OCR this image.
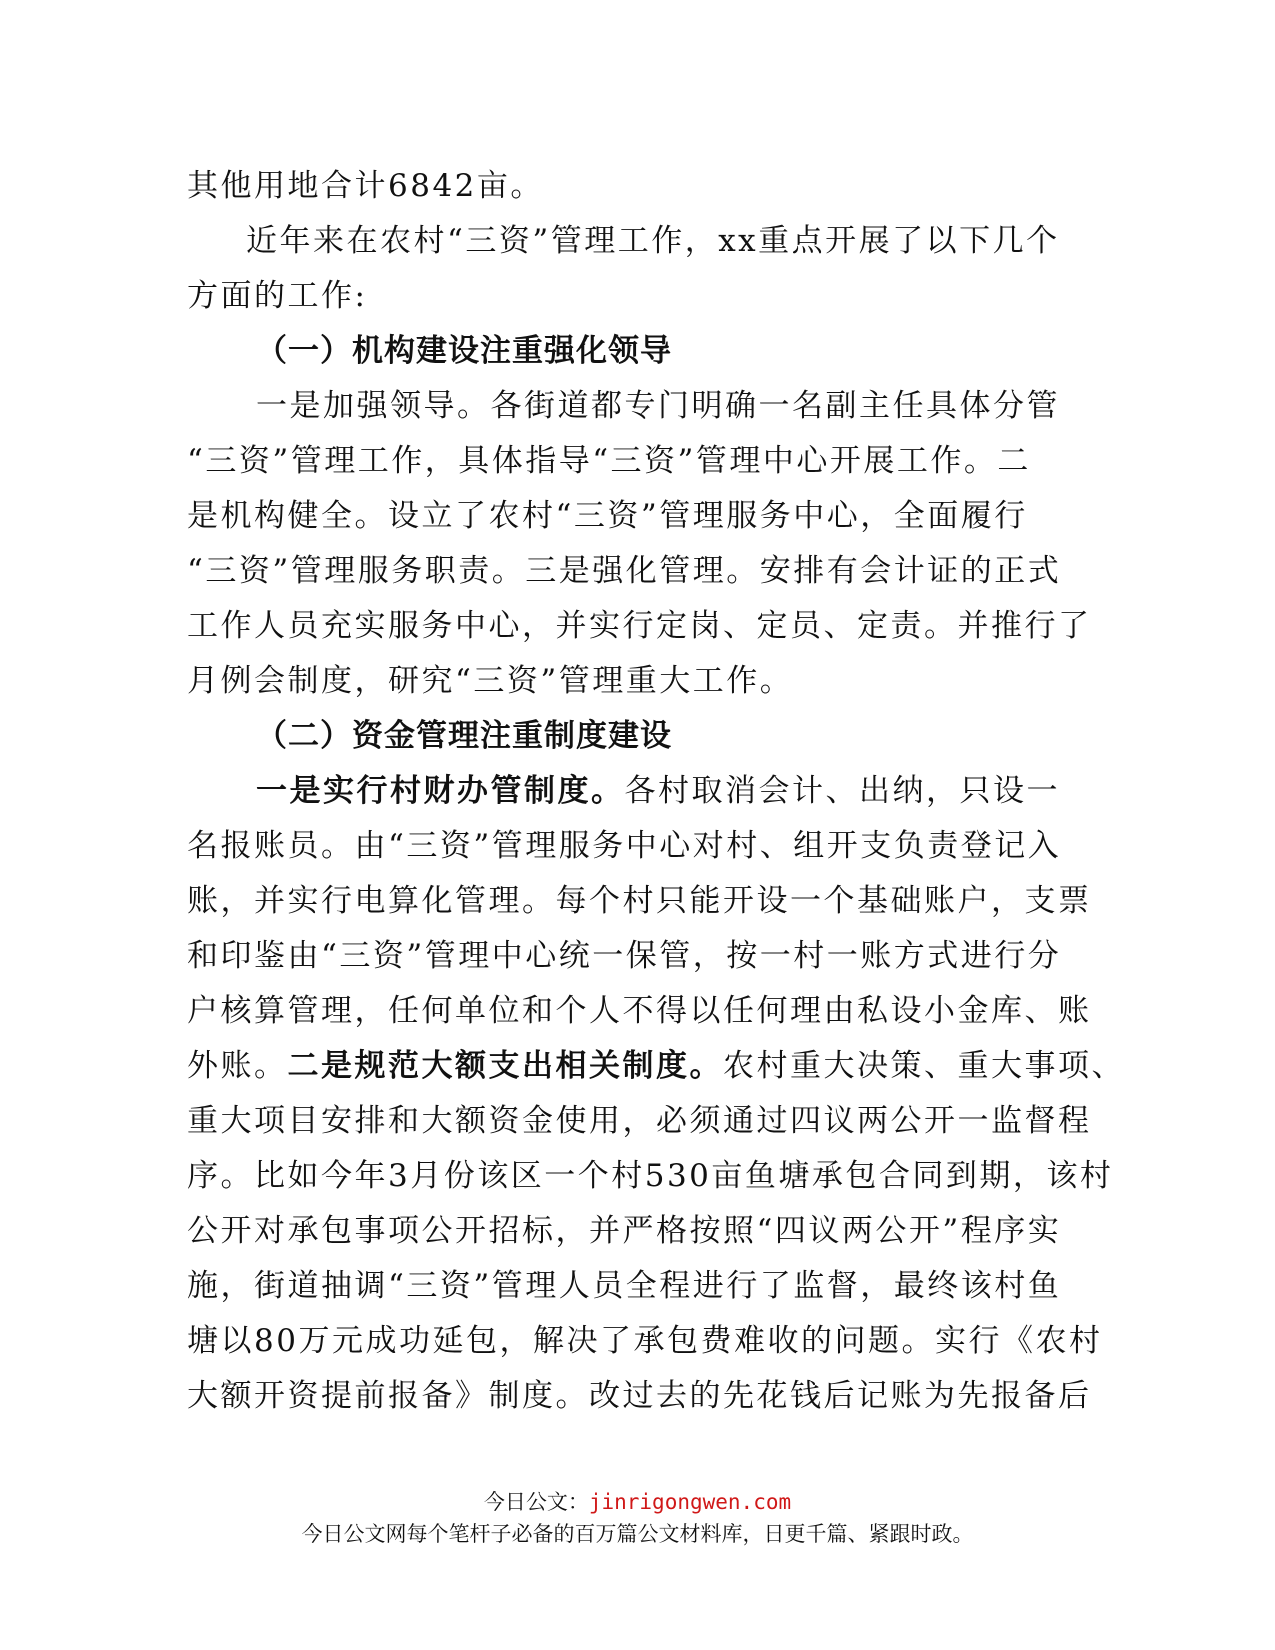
其他用地合计6842亩。
近年来在农村“三资”管理工作，xx重点开展了以下几个
方面的工作:
（一）机构建设注重强化领导
一是加强领导。各街道都专门明确一名副主任具体分管
“三资”管理工作，具体指导“三资”管理中心开展工作。二
是机构健全。设立了农村“三资”管理服务中心，全面履行
“三资”管理服务职责。三是强化管理。安排有会计证的正式
工作人员充实服务中心，并实行定岗、定员、定责。并推行了
月例会制度，研究“三资”管理重大工作。
（二）资金管理注重制度建设
一是实行村财办管制度。各村取消会计、出纳，只设一
名报账员。由“三资”管理服务中心对村、组开支负责登记入
账，并实行电算化管理。每个村只能开设一个基础账户，支票
和印鉴由“三资”管理中心统一保管，按一村一账方式进行分
户核算管理，任何单位和个人不得以任何理由私设小金库、账
外账。二是规范大额支出相关制度。农村重大决策、重大事项、
重大项目安排和大额资金使用，必须通过四议两公开一监督程
序。比如今年3月份该区一个村530亩鱼塘承包合同到期，该村
公开对承包事项公开招标，并严格按照“四议两公开”程序实
施，街道抽调“三资”管理人员全程进行了监督，最终该村鱼
塘以80万元成功延包，解决了承包费难收的问题。实行《农村
大额开资提前报备》制度。改过去的先花钱后记账为先报备后
今日公文：jinrigongwen.com
今日公文网每个笔杆子必备的百万篇公文材料库，日更千篇、紧跟时政。
